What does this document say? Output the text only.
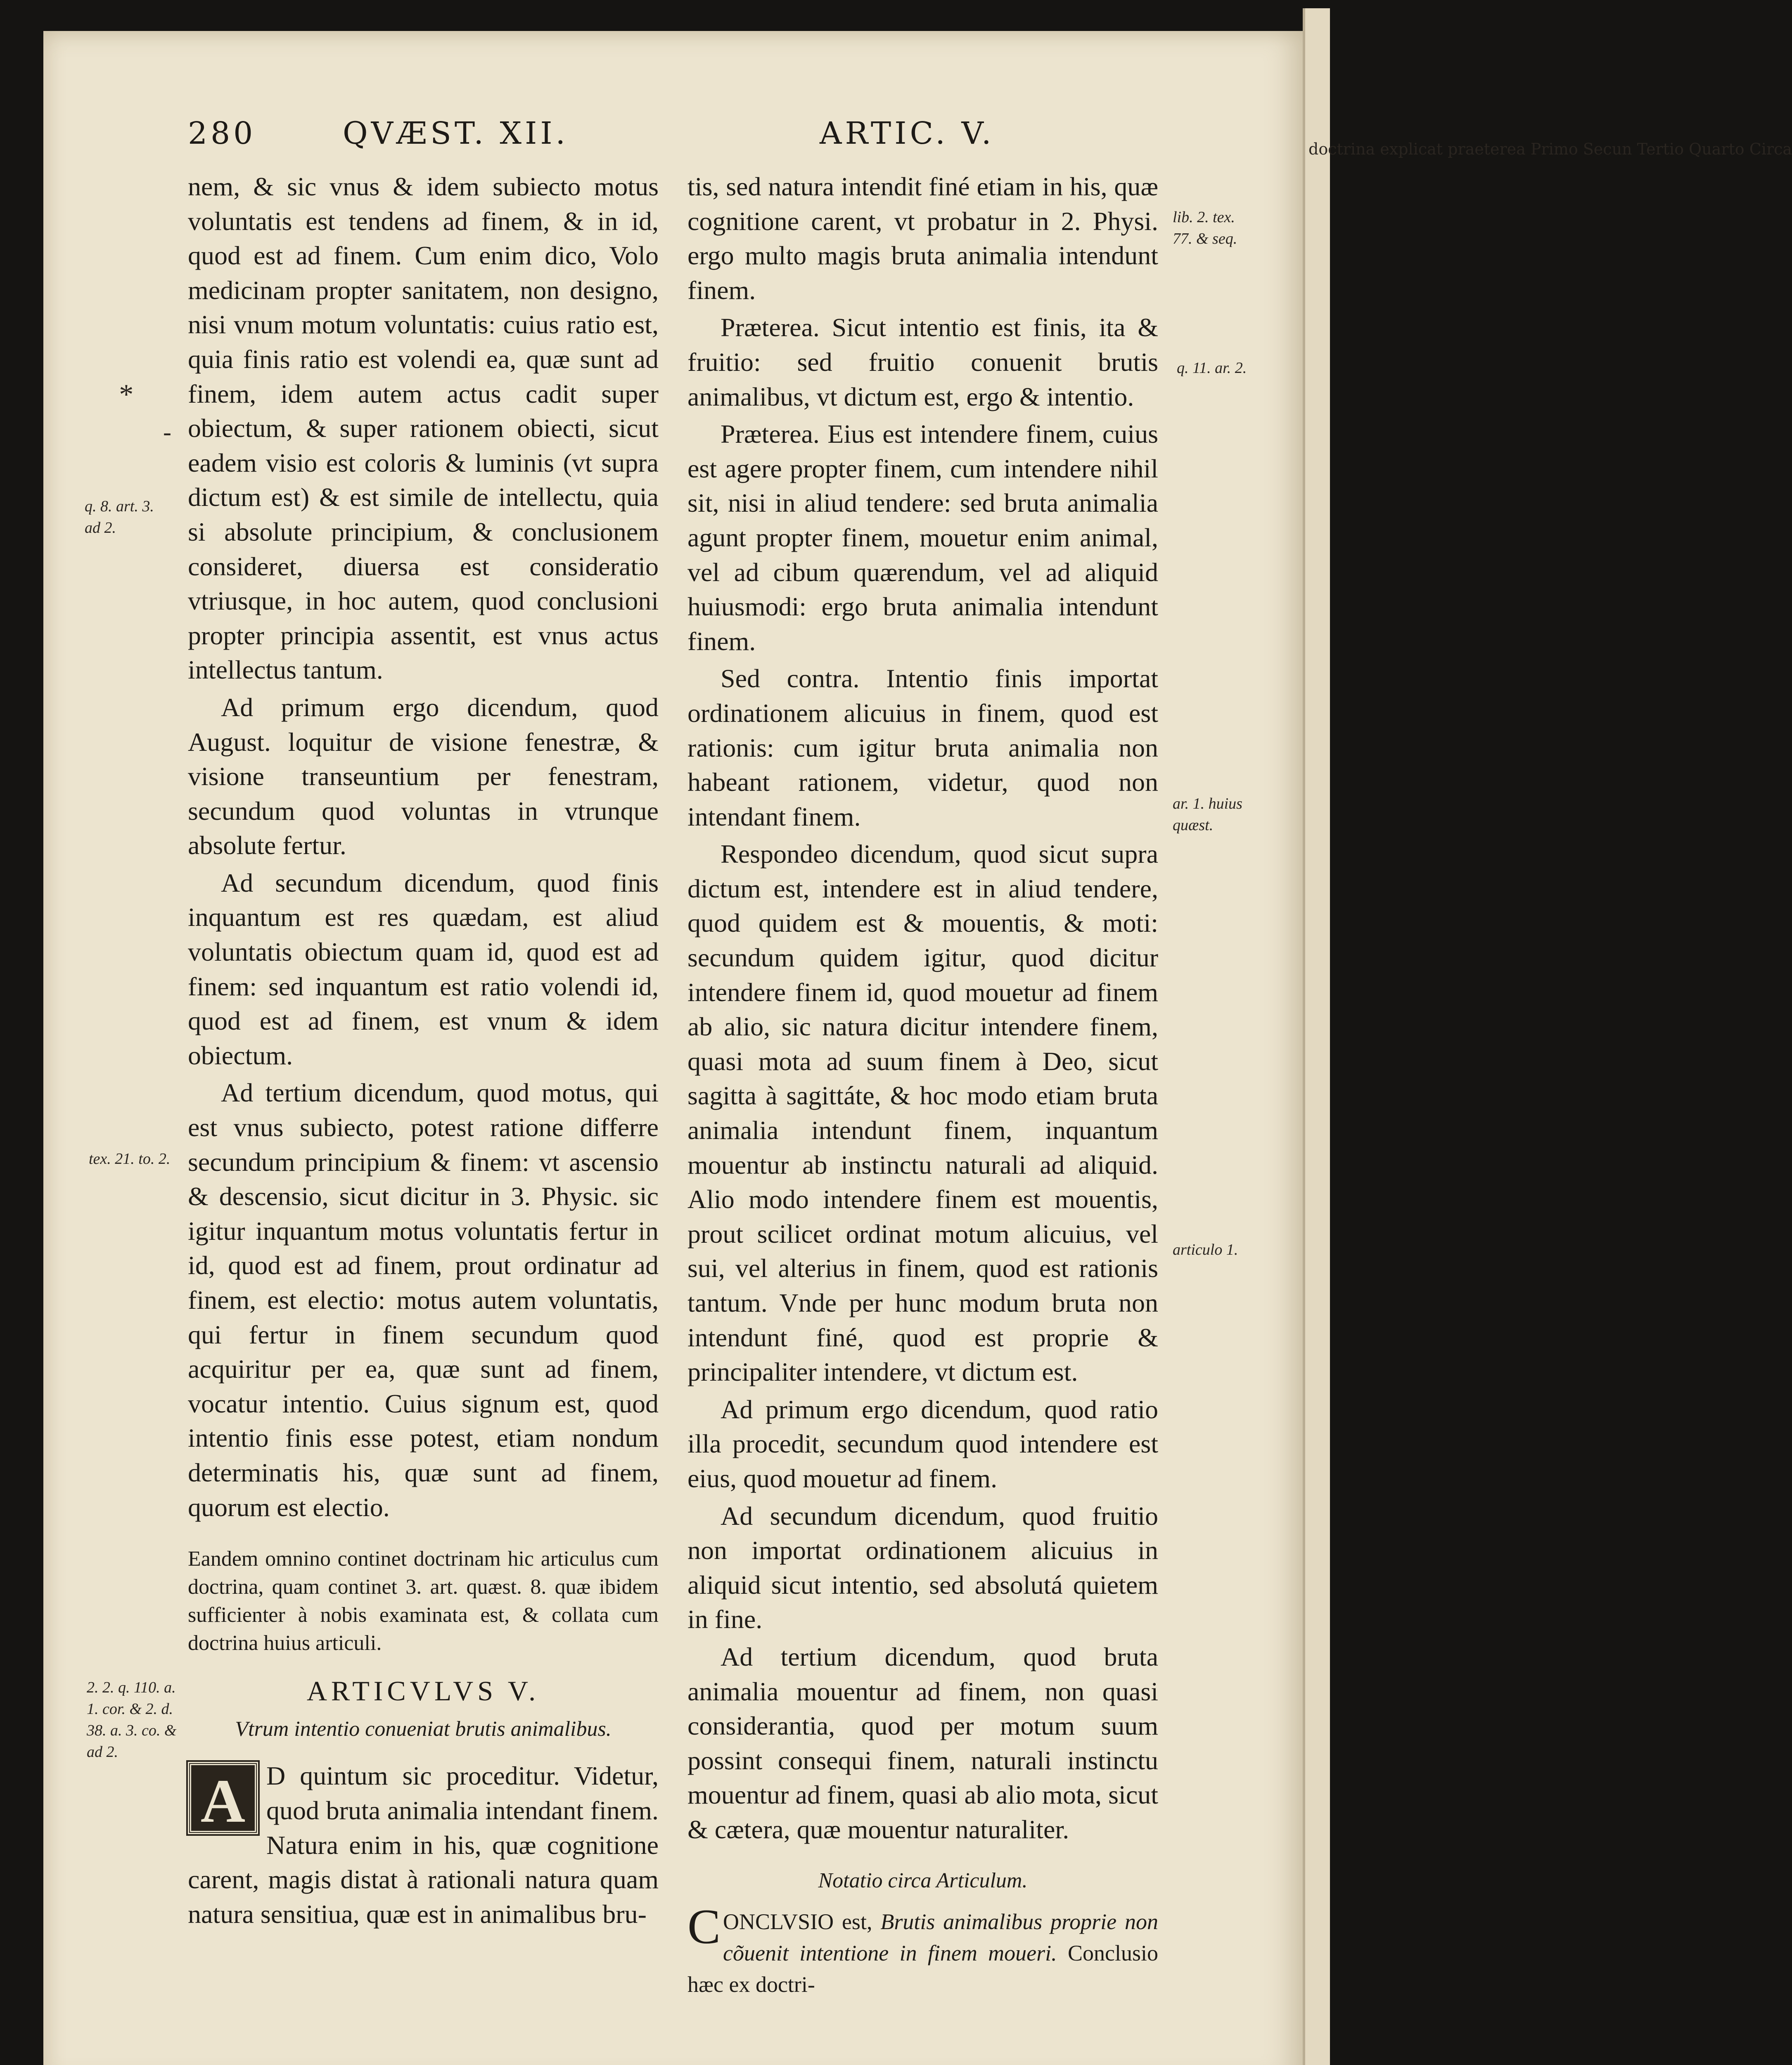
doctrina explicat praeterea Primo Secun Tertio Quarto Circa
280	QVÆST. XII.	ARTIC. V.

nem, & sic vnus & idem subiecto motus voluntatis est tendens ad finem, & in id, quod est ad finem. Cum enim dico, Volo medicinam propter sanitatem, non designo, nisi vnum motum voluntatis: cuius ratio est, quia finis ratio est volendi ea, quæ sunt ad finem, idem autem actus cadit super obiectum, & super rationem obiecti, sicut eadem visio est coloris & luminis (vt supra dictum est) & est simile de intellectu, quia si absolute principium, & conclusionem consideret, diuersa est consideratio vtriusque, in hoc autem, quod conclusioni propter principia assentit, est vnus actus intellectus tantum.

Ad primum ergo dicendum, quod August. loquitur de visione fenestræ, & visione transeuntium per fenestram, secundum quod voluntas in vtrunque absolute fertur.

Ad secundum dicendum, quod finis inquantum est res quædam, est aliud voluntatis obiectum quam id, quod est ad finem: sed inquantum est ratio volendi id, quod est ad finem, est vnum & idem obiectum.

Ad tertium dicendum, quod motus, qui est vnus subiecto, potest ratione differre secundum principium & finem: vt ascensio & descensio, sicut dicitur in 3. Physic. sic igitur inquantum motus voluntatis fertur in id, quod est ad finem, prout ordinatur ad finem, est electio: motus autem voluntatis, qui fertur in finem secundum quod acquiritur per ea, quæ sunt ad finem, vocatur intentio. Cuius signum est, quod intentio finis esse potest, etiam nondum determinatis his, quæ sunt ad finem, quorum est electio.

Eandem omnino continet doctrinam hic articulus cum doctrina, quam continet 3. art. quæst. 8. quæ ibidem sufficienter à nobis examinata est, & collata cum doctrina huius articuli.

ARTICVLVS V.

Vtrum intentio conueniat brutis animalibus.

A D quintum sic proceditur. Videtur, quod bruta animalia intendant finem. Natura enim in his, quæ cognitione carent, magis distat à rationali natura quam natura sensitiua, quæ est in animalibus bru-

tis, sed natura intendit finé etiam in his, quæ cognitione carent, vt probatur in 2. Physi. ergo multo magis bruta animalia intendunt finem.

Præterea. Sicut intentio est finis, ita & fruitio: sed fruitio conuenit brutis animalibus, vt dictum est, ergo & intentio.

Præterea. Eius est intendere finem, cuius est agere propter finem, cum intendere nihil sit, nisi in aliud tendere: sed bruta animalia agunt propter finem, mouetur enim animal, vel ad cibum quærendum, vel ad aliquid huiusmodi: ergo bruta animalia intendunt finem.

Sed contra. Intentio finis importat ordinationem alicuius in finem, quod est rationis: cum igitur bruta animalia non habeant rationem, videtur, quod non intendant finem.

Respondeo dicendum, quod sicut supra dictum est, intendere est in aliud tendere, quod quidem est & mouentis, & moti: secundum quidem igitur, quod dicitur intendere finem id, quod mouetur ad finem ab alio, sic natura dicitur intendere finem, quasi mota ad suum finem à Deo, sicut sagitta à sagittáte, & hoc modo etiam bruta animalia intendunt finem, inquantum mouentur ab instinctu naturali ad aliquid. Alio modo intendere finem est mouentis, prout scilicet ordinat motum alicuius, vel sui, vel alterius in finem, quod est rationis tantum. Vnde per hunc modum bruta non intendunt finé, quod est proprie & principaliter intendere, vt dictum est.

Ad primum ergo dicendum, quod ratio illa procedit, secundum quod intendere est eius, quod mouetur ad finem.

Ad secundum dicendum, quod fruitio non importat ordinationem alicuius in aliquid sicut intentio, sed absolutá quietem in fine.

Ad tertium dicendum, quod bruta animalia mouentur ad finem, non quasi considerantia, quod per motum suum possint consequi finem, naturali instinctu mouentur ad finem, quasi ab alio mota, sicut & cætera, quæ mouentur naturaliter.

Notatio circa Articulum.

C ONCLVSIO est, Brutis animalibus proprie non cõuenit intentione in finem moueri. Conclusio hæc ex doctri-

q. 8. art. 3. ad 2.
tex. 21. to. 2.
2. 2. q. 110. a. 1. cor. & 2. d. 38. a. 3. co. & ad 2.
*
-
lib. 2. tex. 77. & seq.
q. 11. ar. 2.
ar. 1. huius quæst.
articulo 1.
